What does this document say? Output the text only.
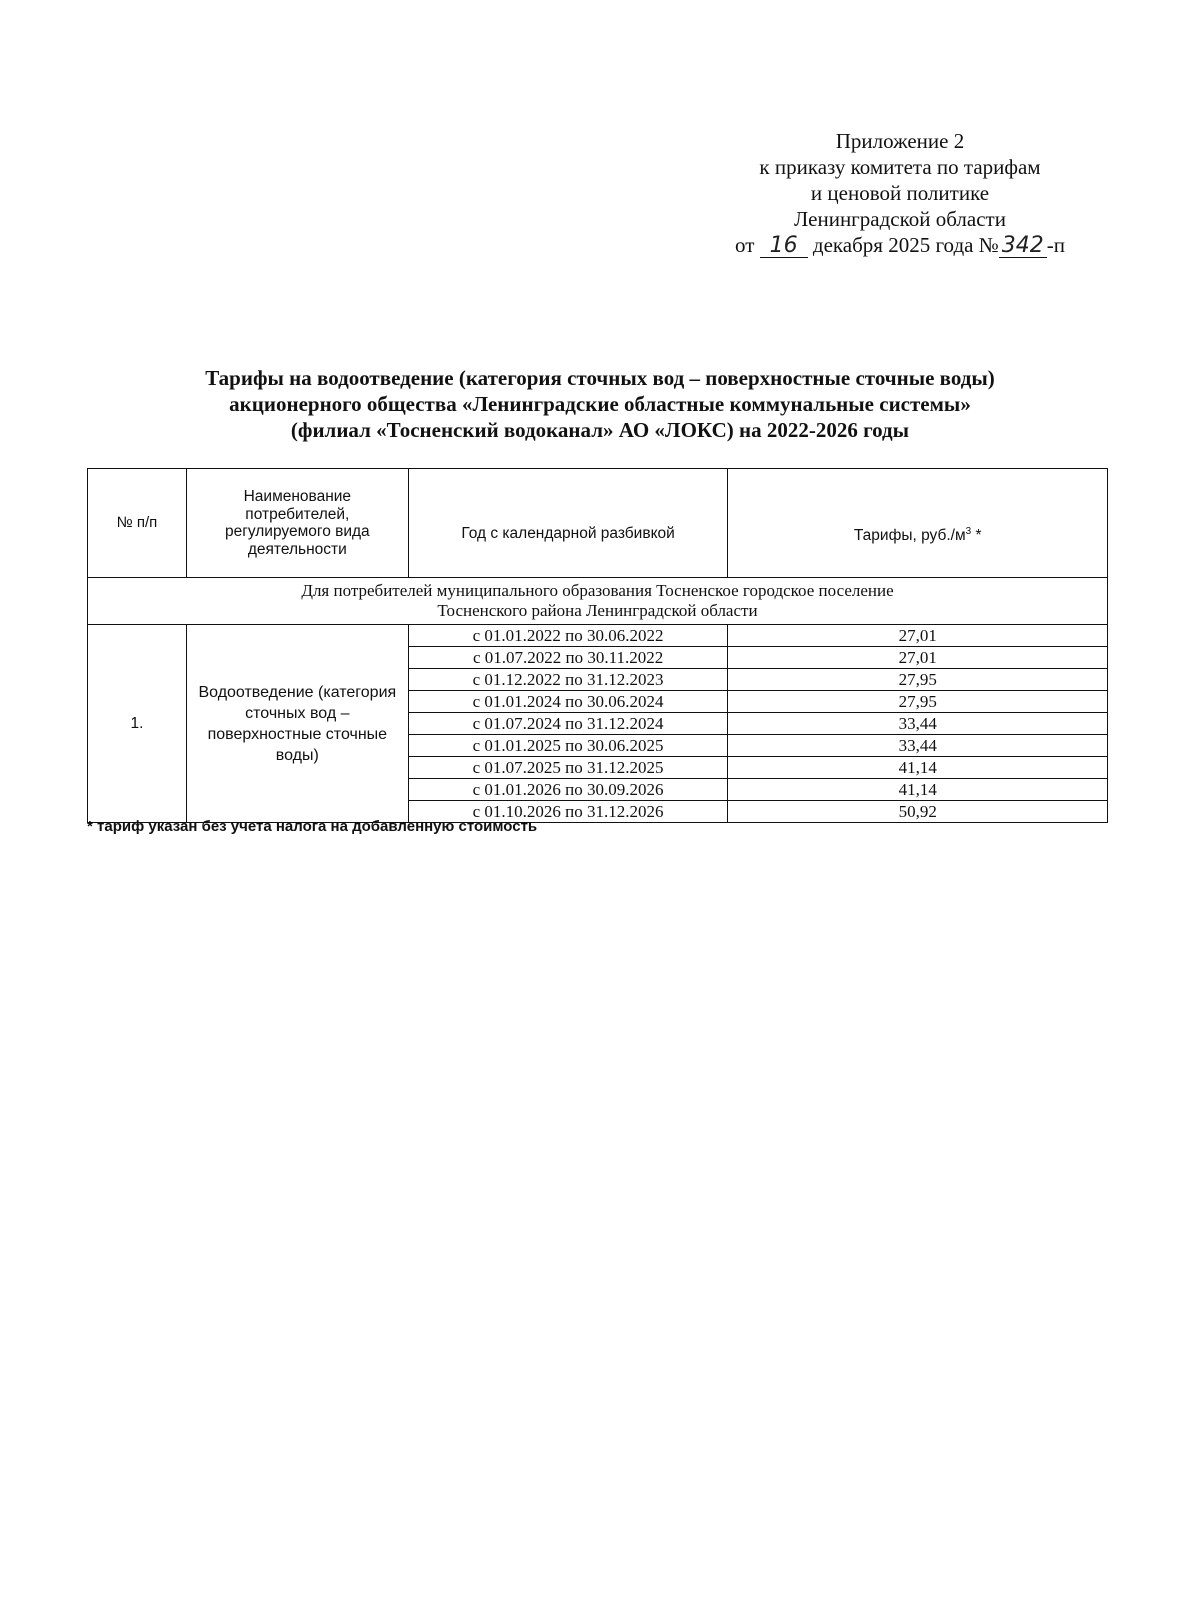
Приложение 2
к приказу комитета по тарифам
и ценовой политике
Ленинградской области
от 16 декабря 2025 года № 342 -п
Тарифы на водоотведение (категория сточных вод – поверхностные сточные воды)
акционерного общества «Ленинградские областные коммунальные системы»
(филиал «Тосненский водоканал» АО «ЛОКС) на 2022-2026 годы
№ п/п	Наименование потребителей, регулируемого вида деятельности	Год с календарной разбивкой	Тарифы, $руб./м^3$ *

Для потребителей муниципального образования Тосненское городское поселение
Тосненского района Ленинградской области			

1.	Водоотведение (категория сточных вод – поверхностные сточные воды)	с 01.01.2022 по 30.06.2022	27,01
		с 01.07.2022 по 30.11.2022	27,01
		с 01.12.2022 по 31.12.2023	27,95
		с 01.01.2024 по 30.06.2024	27,95
		с 01.07.2024 по 31.12.2024	33,44
		с 01.01.2025 по 30.06.2025	33,44
		с 01.07.2025 по 31.12.2025	41,14
		с 01.01.2026 по 30.09.2026	41,14
		с 01.10.2026 по 31.12.2026	50,92
* тариф указан без учета налога на добавленную стоимость
